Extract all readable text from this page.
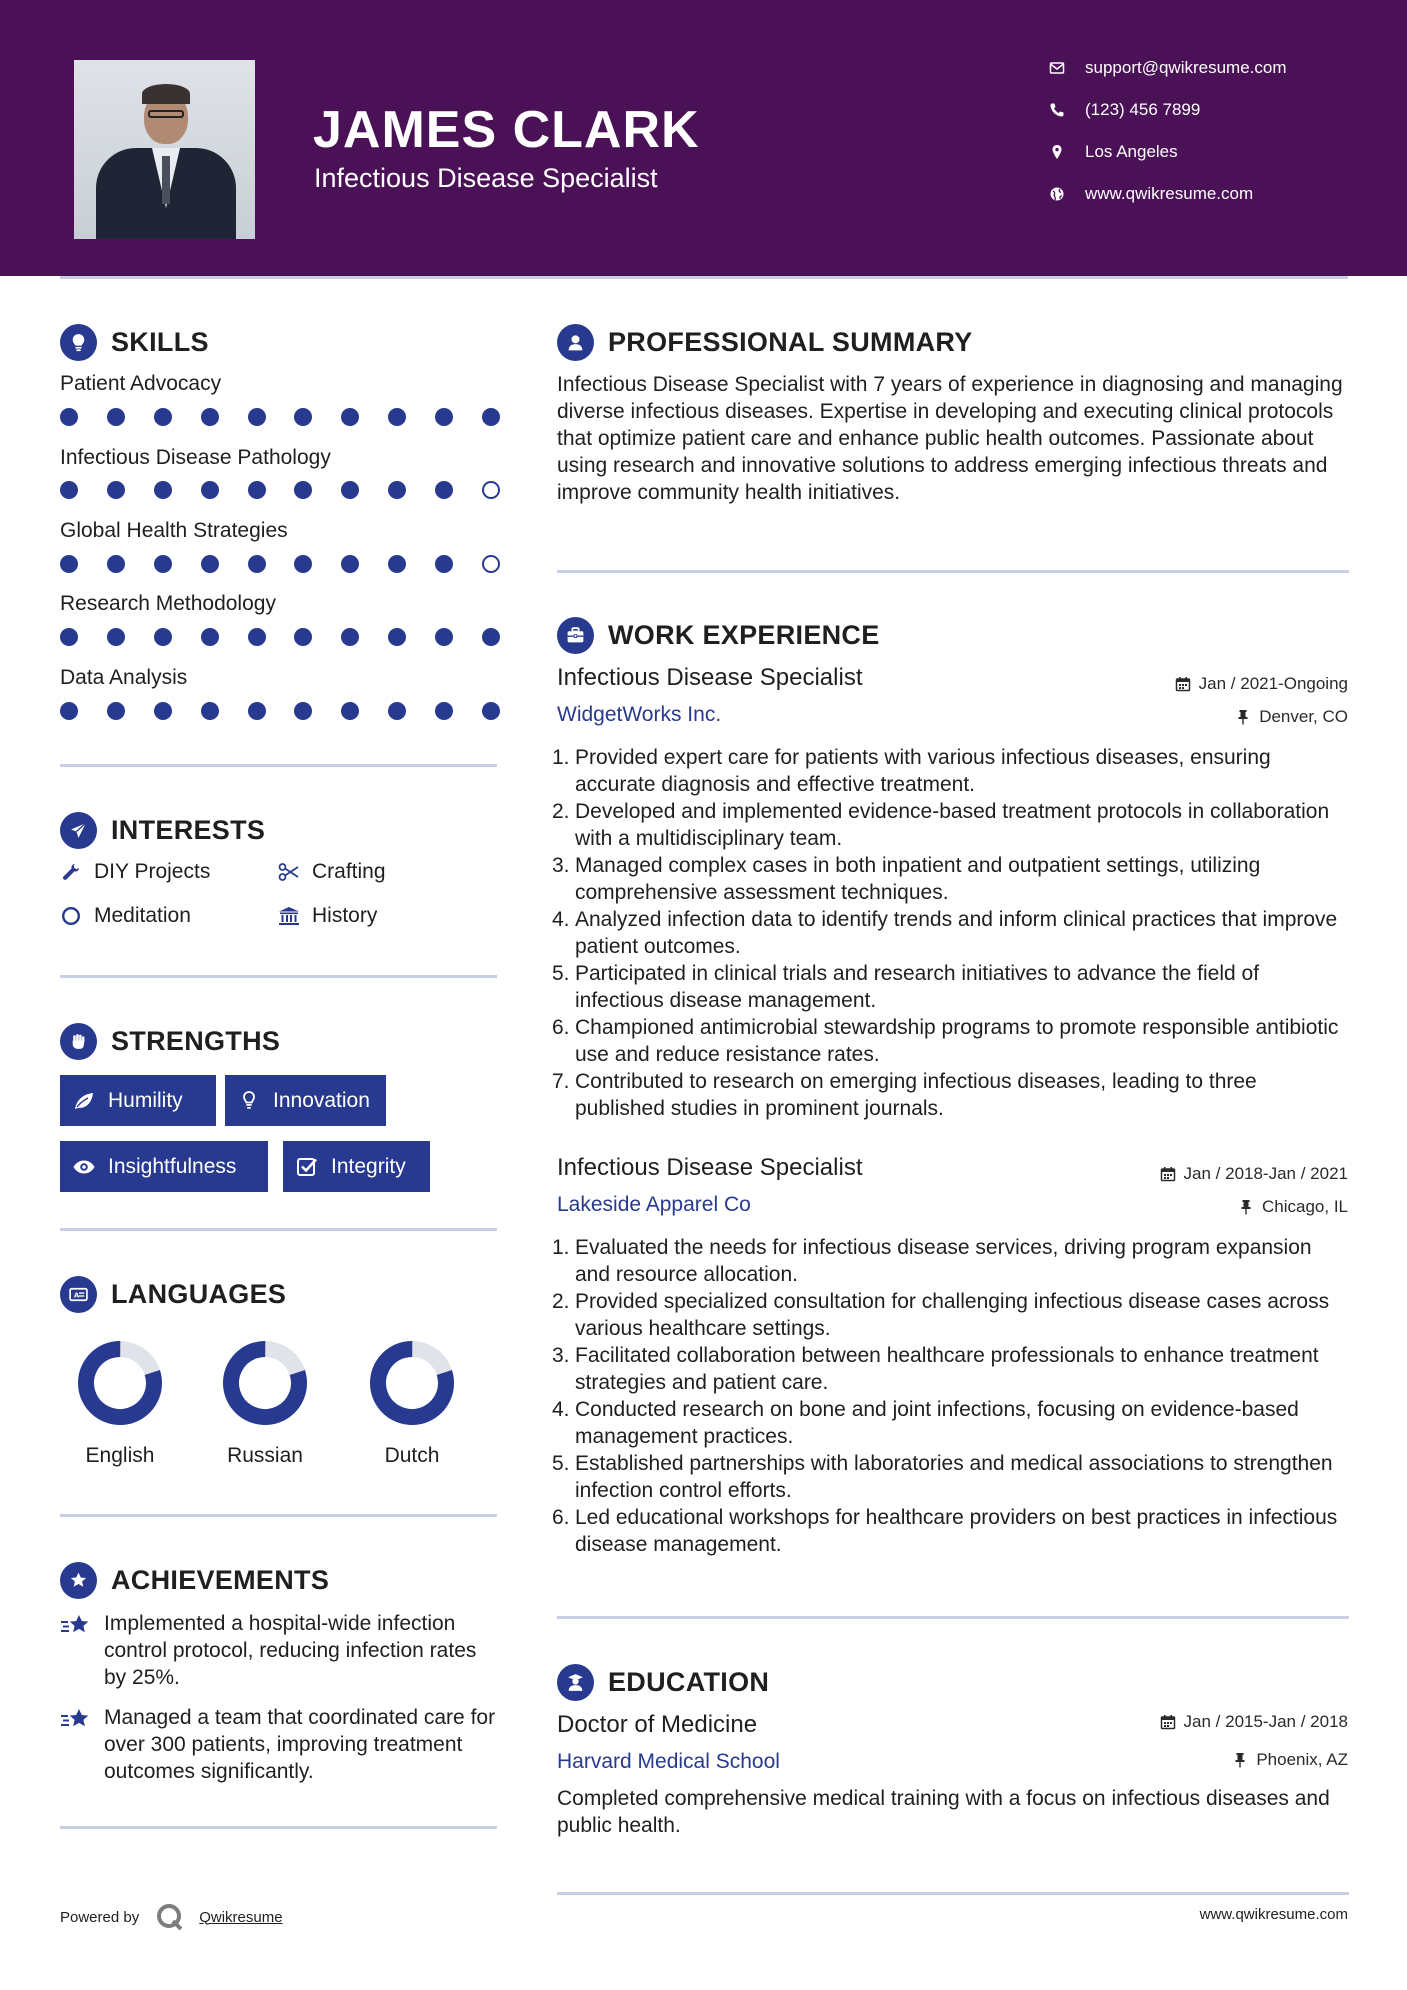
JAMES CLARK
Infectious Disease Specialist
support@qwikresume.com
(123) 456 7899
Los Angeles
www.qwikresume.com
SKILLS
Patient Advocacy
Infectious Disease Pathology
Global Health Strategies
Research Methodology
Data Analysis
INTERESTS
DIY Projects	Crafting
Meditation	History
STRENGTHS
Humility	Innovation
Insightfulness	Integrity
A LANGUAGES
English	Russian	Dutch
ACHIEVEMENTS

Implemented a hospital-wide infection control protocol, reducing infection rates by 25%.

Managed a team that coordinated care for over 300 patients, improving treatment outcomes significantly.

PROFESSIONAL SUMMARY

Infectious Disease Specialist with 7 years of experience in diagnosing and managing diverse infectious diseases. Expertise in developing and executing clinical protocols that optimize patient care and enhance public health outcomes. Passionate about using research and innovative solutions to address emerging infectious threats and improve community health initiatives.

WORK EXPERIENCE
Infectious Disease Specialist	Jan / 2021-Ongoing
WidgetWorks Inc.	Denver, CO
1. Provided expert care for patients with various infectious diseases, ensuring accurate diagnosis and effective treatment.
2. Developed and implemented evidence-based treatment protocols in collaboration with a multidisciplinary team.
3. Managed complex cases in both inpatient and outpatient settings, utilizing comprehensive assessment techniques.
4. Analyzed infection data to identify trends and inform clinical practices that improve patient outcomes.
5. Participated in clinical trials and research initiatives to advance the field of infectious disease management.
6. Championed antimicrobial stewardship programs to promote responsible antibiotic use and reduce resistance rates.
7. Contributed to research on emerging infectious diseases, leading to three published studies in prominent journals.
Infectious Disease Specialist	Jan / 2018-Jan / 2021
Lakeside Apparel Co	Chicago, IL
1. Evaluated the needs for infectious disease services, driving program expansion and resource allocation.
2. Provided specialized consultation for challenging infectious disease cases across various healthcare settings.
3. Facilitated collaboration between healthcare professionals to enhance treatment strategies and patient care.
4. Conducted research on bone and joint infections, focusing on evidence-based management practices.
5. Established partnerships with laboratories and medical associations to strengthen infection control efforts.
6. Led educational workshops for healthcare providers on best practices in infectious disease management.
EDUCATION
Doctor of Medicine	Jan / 2015-Jan / 2018
Harvard Medical School	Phoenix, AZ

Completed comprehensive medical training with a focus on infectious diseases and public health.

Powered by	Qwikresume	www.qwikresume.com
